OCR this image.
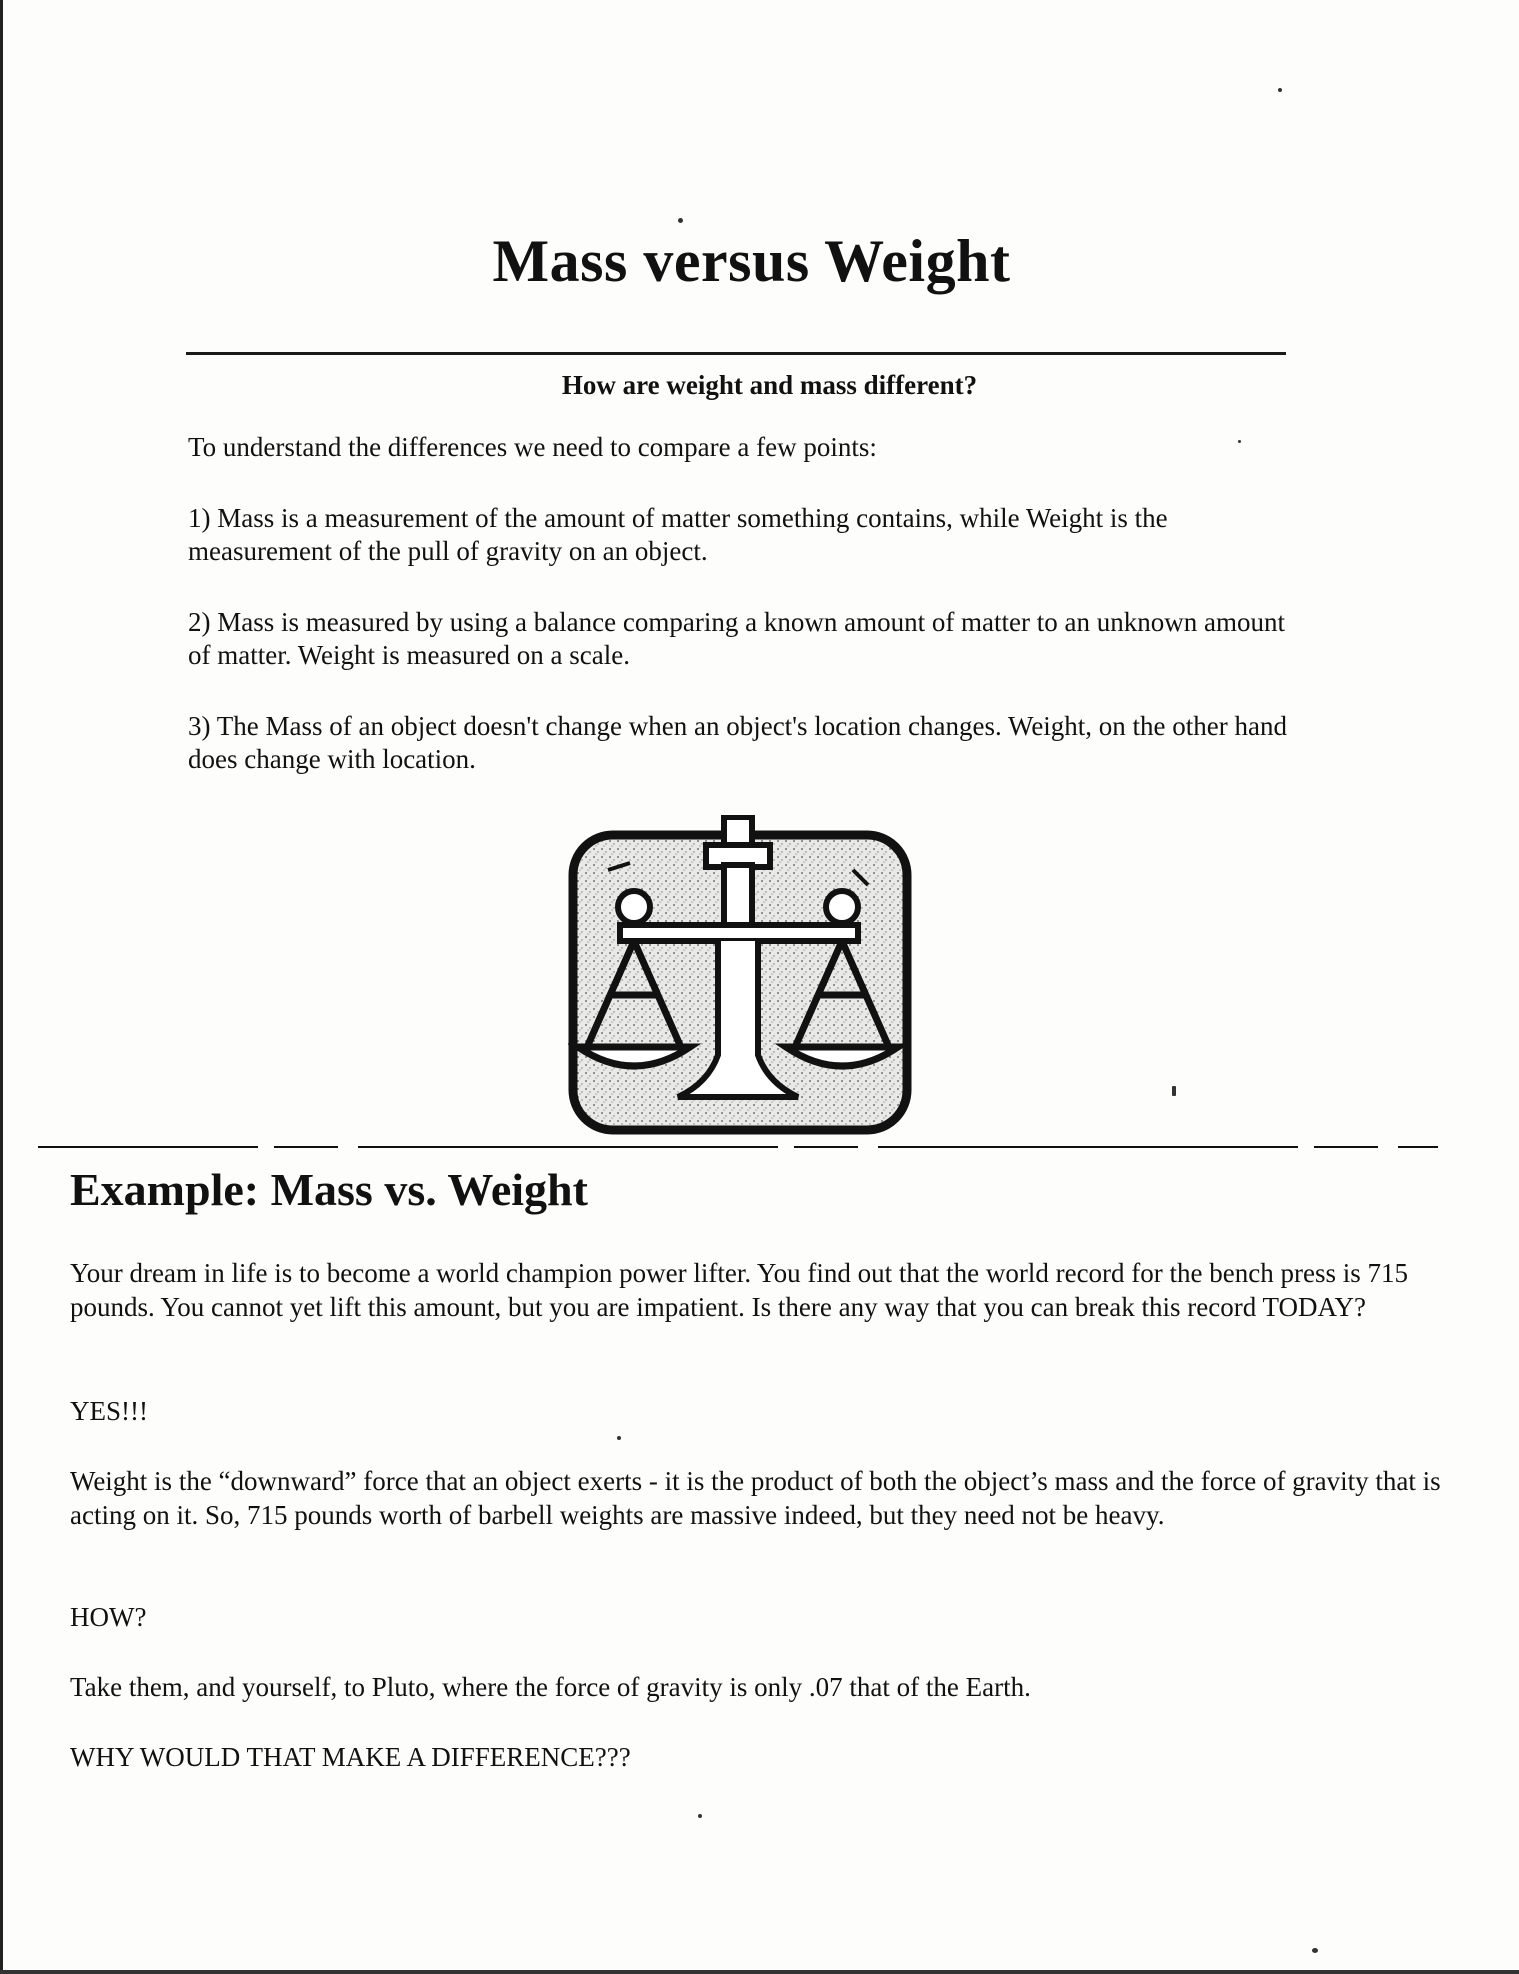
Mass versus Weight
How are weight and mass different?

To understand the differences we need to compare a few points:

1) Mass is a measurement of the amount of matter something contains, while Weight is the measurement of the pull of gravity on an object.

2) Mass is measured by using a balance comparing a known amount of matter to an unknown amount of matter. Weight is measured on a scale.

3) The Mass of an object doesn't change when an object's location changes. Weight, on the other hand does change with location.

Example: Mass vs. Weight

Your dream in life is to become a world champion power lifter. You find out that the world record for the bench press is 715 pounds. You cannot yet lift this amount, but you are impatient. Is there any way that you can break this record TODAY?

YES!!!

Weight is the “downward” force that an object exerts - it is the product of both the object’s mass and the force of gravity that is acting on it. So, 715 pounds worth of barbell weights are massive indeed, but they need not be heavy.

HOW?

Take them, and yourself, to Pluto, where the force of gravity is only .07 that of the Earth.

WHY WOULD THAT MAKE A DIFFERENCE???
